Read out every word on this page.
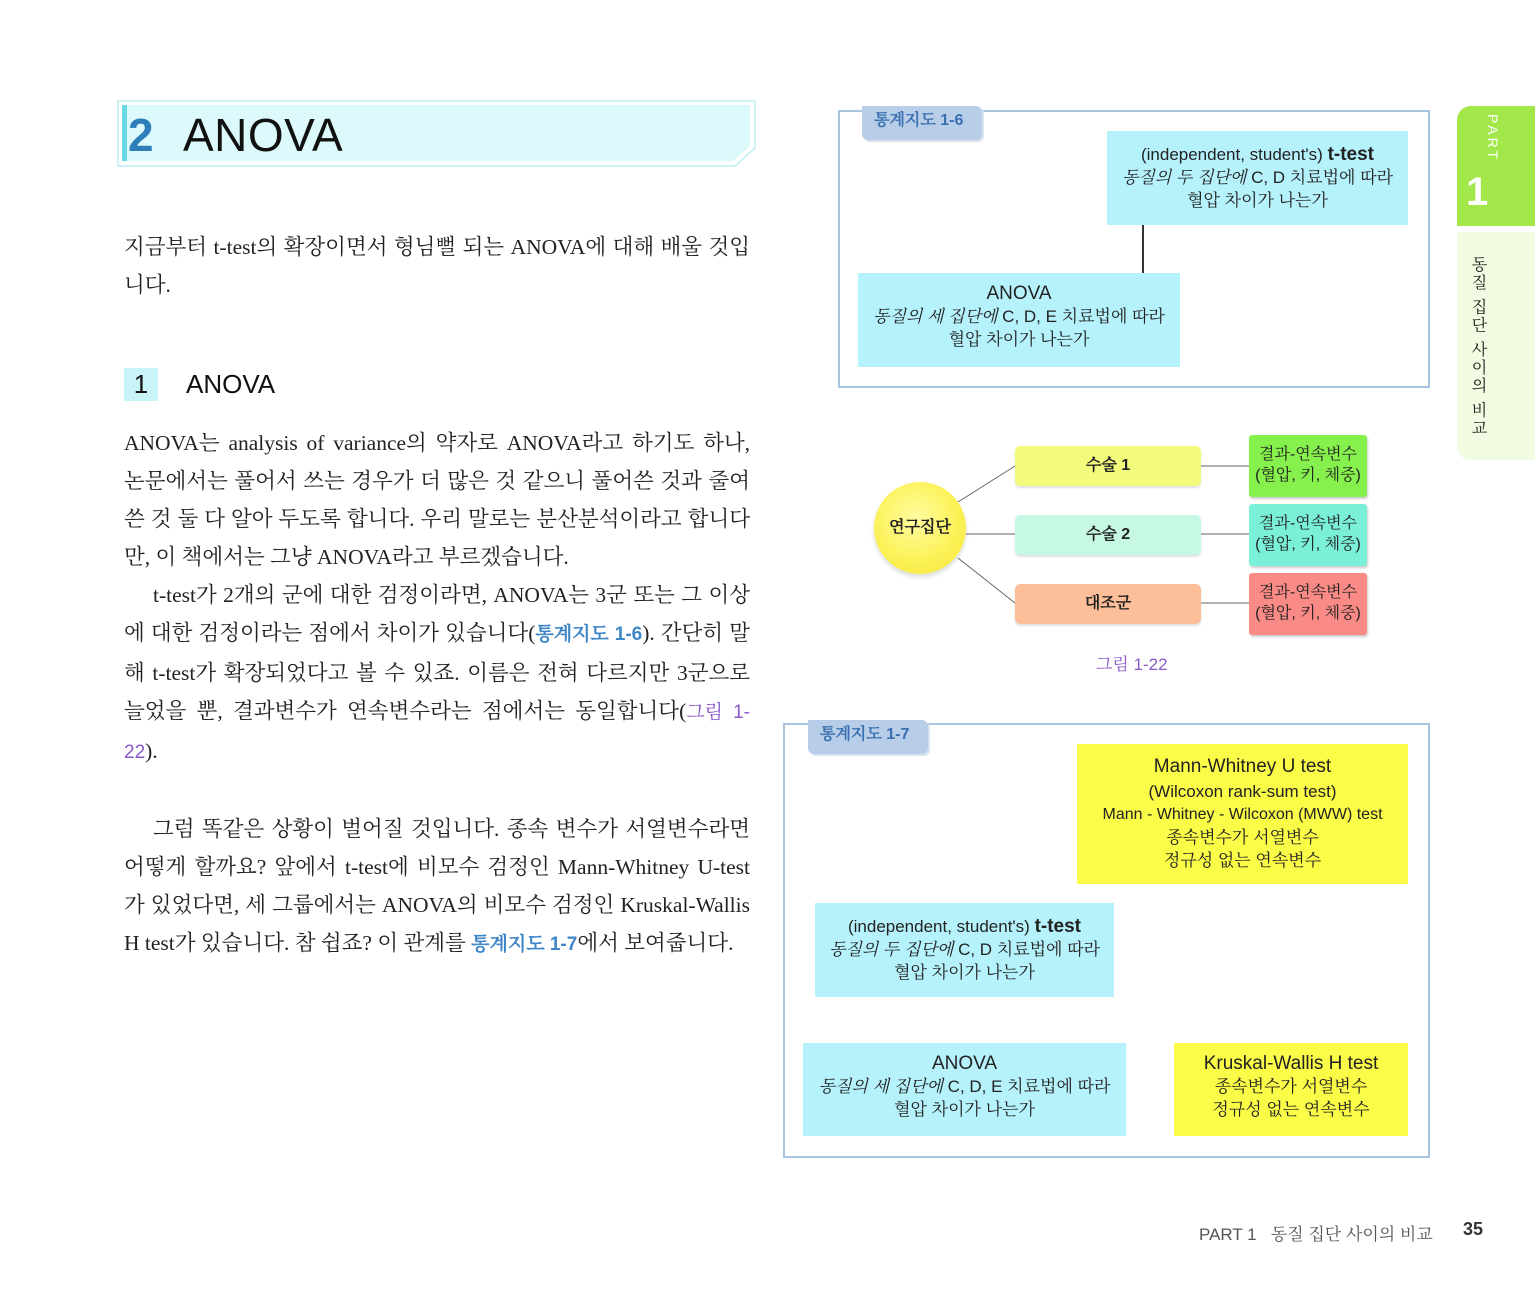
2 ANOVA

지금부터 t-test의 확장이면서 형님뻘 되는 ANOVA에 대해 배울 것입니다.

1	ANOVA

ANOVA는 analysis of variance의 약자로 ANOVA라고 하기도 하나, 논문에서는 풀어서 쓰는 경우가 더 많은 것 같으니 풀어쓴 것과 줄여 쓴 것 둘 다 알아 두도록 합니다. 우리 말로는 분산분석이라고 합니다만, 이 책에서는 그냥 ANOVA라고 부르겠습니다.

t-test가 2개의 군에 대한 검정이라면, ANOVA는 3군 또는 그 이상에 대한 검정이라는 점에서 차이가 있습니다(통계지도 1-6). 간단히 말해 t-test가 확장되었다고 볼 수 있죠. 이름은 전혀 다르지만 3군으로 늘었을 뿐, 결과변수가 연속변수라는 점에서는 동일합니다(그림 1-22).

그럼 똑같은 상황이 벌어질 것입니다. 종속 변수가 서열변수라면 어떻게 할까요? 앞에서 t-test에 비모수 검정인 Mann-Whitney U-test가 있었다면, 세 그룹에서는 ANOVA의 비모수 검정인 Kruskal-Wallis H test가 있습니다. 참 쉽죠? 이 관계를 통계지도 1-7에서 보여줍니다.

통계지도 1-6
(independent, student's) t-test
동질의 두 집단에 C, D 치료법에 따라
혈압 차이가 나는가
ANOVA
동질의 세 집단에 C, D, E 치료법에 따라
혈압 차이가 나는가
연구집단
수술 1
수술 2
대조군
결과-연속변수
(혈압, 키, 체중)
결과-연속변수
(혈압, 키, 체중)
결과-연속변수
(혈압, 키, 체중)
그림 1-22
통계지도 1-7
Mann-Whitney U test
(Wilcoxon rank-sum test)
Mann - Whitney - Wilcoxon (MWW) test
종속변수가 서열변수
정규성 없는 연속변수
(independent, student's) t-test
동질의 두 집단에 C, D 치료법에 따라
혈압 차이가 나는가
ANOVA
동질의 세 집단에 C, D, E 치료법에 따라
혈압 차이가 나는가
Kruskal-Wallis H test
종속변수가 서열변수
정규성 없는 연속변수
PART
1
동질 집단 사이의 비교
PART 1   동질 집단 사이의 비교 35
